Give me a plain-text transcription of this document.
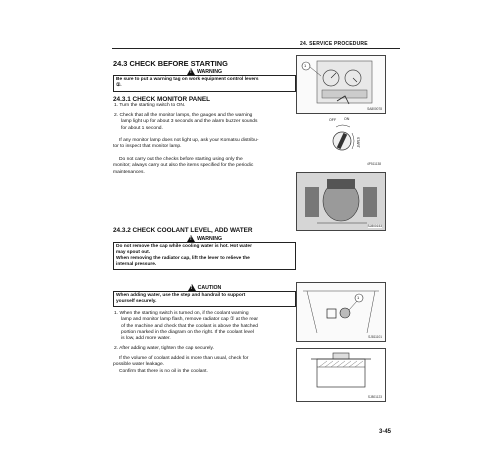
24. SERVICE PROCEDURE
24.3 CHECK BEFORE STARTING
!
WARNING
Be sure to put a warning tag on work equipment control levers
①.
24.3.1 CHECK MONITOR PANEL
1. Turn the starting switch to ON.
2. Check that all the monitor lamps, the gauges and the warning
lamp light up for about 3 seconds and the alarm buzzer sounds
for about 1 second.
If any monitor lamp does not light up, ask your Komatsu distribu-
tor to inspect that monitor lamp.
Do not carry out the checks before starting using only the
monitor; always carry out also the items specified for the periodic
maintenances.
1
SA800078
OFF ON
START
4P511138
SJ800153
24.3.2 CHECK COOLANT LEVEL, ADD WATER
!
WARNING
Do not remove the cap while cooling water is hot. Hot water
may spout out.
When removing the radiator cap, lift the lever to relieve the
internal pressure.
!
CAUTION
When adding water, use the step and handrail to support
yourself securely.
1. When the starting switch is turned on, if the coolant warning
lamp and monitor lamp flash, remove radiator cap ① at the rear
of the machine and check that the coolant is above the hatched
portion marked in the diagram on the right. If the coolant level
is low, add more water.
2. After adding water, tighten the cap securely.
If the volume of coolant added is more than usual, check for
possible water leakage.
Confirm that there is no oil in the coolant.
1
SJ811101
SJ801123
3-45
